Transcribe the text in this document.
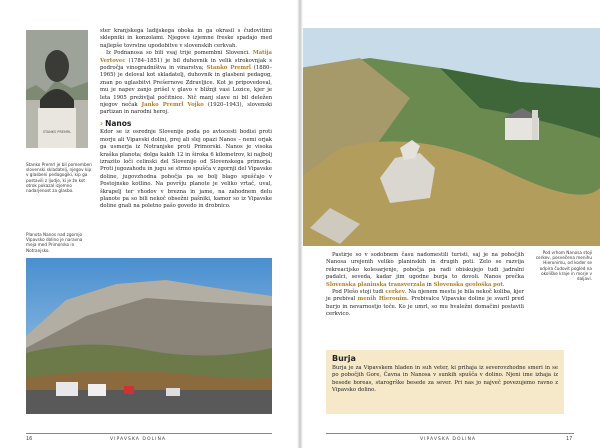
STANKO PREMRL

Stanko Premrl je bil pomemben slovenski skladatelj, njegov kip v glasbeni pedagogiki, kip ga postavili z ljudje, ki je že kot otrok pokazal izjemno nadarjenost za glasbo.

Planota Nanos nad zgornjo Vipavsko dolino je naravna meja med Primorsko in Notranjsko.

ster kranjskega ladijskega oboka in ga okrasil s čudovitimi sklepniki in konzolami. Njegove izjemne freske spadajo med najlepše tovrstne upodobitve v slovenskih cerkvah.

Iz Podnanosa so bili vsaj trije pomembni Slovenci. Matija Vertovec (1784–1851) je bil duhovnik in velik strokovnjak s področja vinogradništva in vinarstva; Stanko Premrl (1880–1965) je deloval kot skladatelj, duhovnik in glasbeni pedagog, znan po uglasbitvi Prešernove Zdravljice. Kot je pripovedoval, mu je napev zanjo prišel v glavo v bližnji vasi Lozice, kjer je leta 1905 preživljal počitnice. Nič manj slave ni bil deležen njegov nečak Janko Premrl Vojko (1920–1943), slovenski partizan in narodni heroj.

› Nanos

Kdor se iz osrednje Slovenije poda po avtocesti bodisi proti morju ali Vipavski dolini, prej ali slej opazi Nanos – nemi orjak ga usmerja iz Notranjske proti Primorski. Nanos je visoka kraška planota; dolga kakih 12 in široka 6 kilometrov, ki najbolj izrazito loči celinski del Slovenije od Slovenskega primorja. Proti jugozahodu in jugu se strmo spušča v zgornji del Vipavske doline, jugovzhodna pobočja pa se bolj blago spuščajo v Postojnsko kotlino. Na površju planote je veliko vrtač, uval, škrapelj ter vhodov v brezna in jame, na zahodnem delu planote pa so bili nekoč obsežni pašniki, kamor so iz Vipavske doline gnali na poletno pašo govedo in drobnico.

16	VIPAVSKA DOLINA

Pod vrhom Nanosa stoji cerkev, posvečena menihu Hieronimu, od koder se odpira čudovit pogled na okoliške kraje in morje v daljavi.

Pastirje so v sodobnem času nadomestili turisti, saj je na pobočjih Nanosa urejenih veliko planinskih in drugih poti. Zelo se razvija rekreacijsko kolesarjenje, pobočja pa radi obiskujejo tudi jadralni padalci, seveda, kadar jim ugodne burja to dovoli. Nanos prečka Slovenska planinska transverzala in Slovenska geološka pot.

Pod Plešo stoji tudi cerkev. Na njenem mestu je bila nekoč kolibа, kjer je prebival menih Hieronim. Prebivalce Vipavske doline je svaril pred burjo in nevarnostjo toče. Ko je umrl, so mu hvaležni domačini postavili cerkvico.

Burja

Burja je za Vipavskem hladen in suh veter, ki prihaja iz severovzhodne smeri in se po pobočjih Gore, Čavna in Nanosa v sunkih spušča v dolino. Njeni ime izhaja iz besede boreas, starogrške besede za sever. Pri nas jo največ povezujemo ravno z Vipavsko dolino.

VIPAVSKA DOLINA	17
